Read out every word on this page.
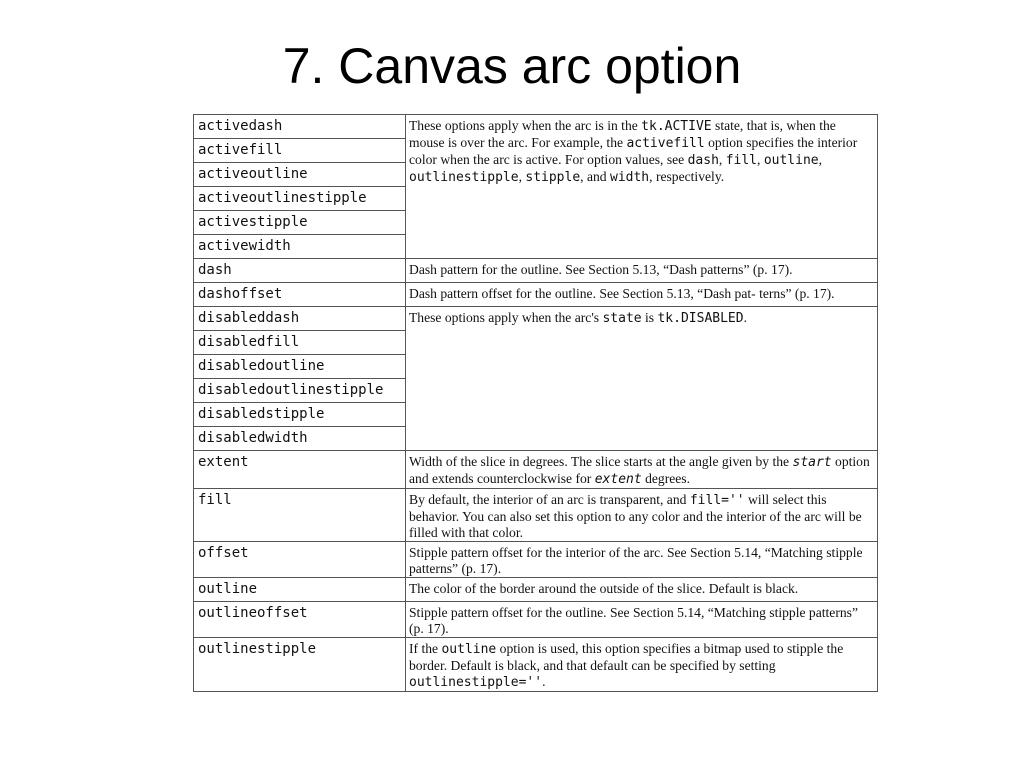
7. Canvas arc option
activedash	These options apply when the arc is in the tk.ACTIVE state, that is, when the mouse is over the arc. For example, the activefill option specifies the interior color when the arc is active. For option values, see dash, fill, outline, outlinestipple, stipple, and width, respectively.
activefill	
activeoutline	
activeoutlinestipple	
activestipple	
activewidth	
dash	Dash pattern for the outline. See Section 5.13, “Dash patterns” (p. 17).
dashoffset	Dash pattern offset for the outline. See Section 5.13, “Dash pat- terns” (p. 17).
disableddash	These options apply when the arc's state is tk.DISABLED.
disabledfill	
disabledoutline	
disabledoutlinestipple	
disabledstipple	
disabledwidth	
extent	Width of the slice in degrees. The slice starts at the angle given by the start option and extends counterclockwise for extent degrees.
fill	By default, the interior of an arc is transparent, and fill='' will select this behavior. You can also set this option to any color and the interior of the arc will be filled with that color.
offset	Stipple pattern offset for the interior of the arc. See Section 5.14, “Matching stipple patterns” (p. 17).
outline	The color of the border around the outside of the slice. Default is black.
outlineoffset	Stipple pattern offset for the outline. See Section 5.14, “Matching stipple patterns” (p. 17).
outlinestipple	If the outline option is used, this option specifies a bitmap used to stipple the border. Default is black, and that default can be specified by setting outlinestipple=''.
